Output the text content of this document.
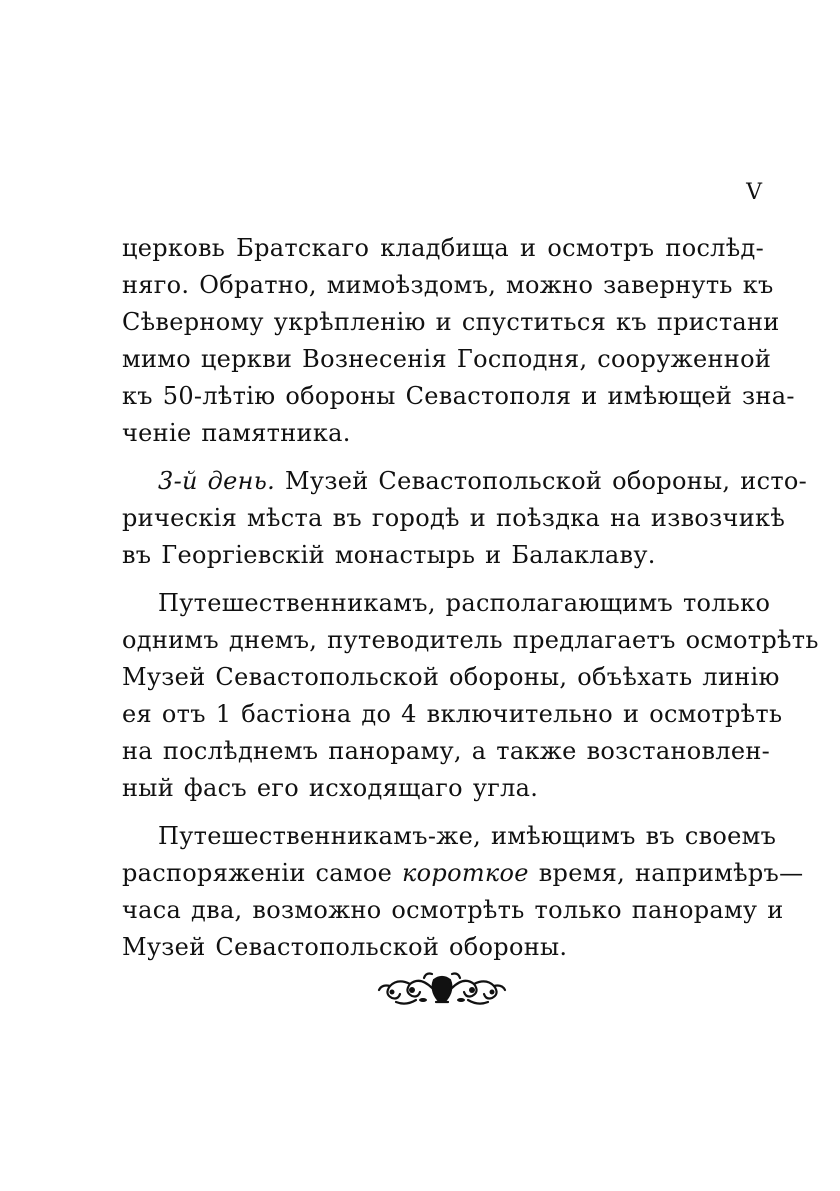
V
церковь Братскаго кладбища и осмотръ послѣд-
няго. Обратно, мимоѣздомъ, можно завернуть къ
Сѣверному укрѣпленію и спуститься къ пристани
мимо церкви Вознесенія Господня, сооруженной
къ 50-лѣтію обороны Севастополя и имѣющей зна-
ченіе памятника.
3-й день. Музей Севастопольской обороны, исто-
рическія мѣста въ городѣ и поѣздка на извозчикѣ
въ Георгіевскій монастырь и Балаклаву.
Путешественникамъ, располагающимъ только
однимъ днемъ, путеводитель предлагаетъ осмотрѣть
Музей Севастопольской обороны, объѣхать линію
ея отъ 1 бастіона до 4 включительно и осмотрѣть
на послѣднемъ панораму, а также возстановлен-
ный фасъ его исходящаго угла.
Путешественникамъ-же, имѣющимъ въ своемъ
распоряженіи самое короткое время, напримѣръ—
часа два, возможно осмотрѣть только панораму и
Музей Севастопольской обороны.
